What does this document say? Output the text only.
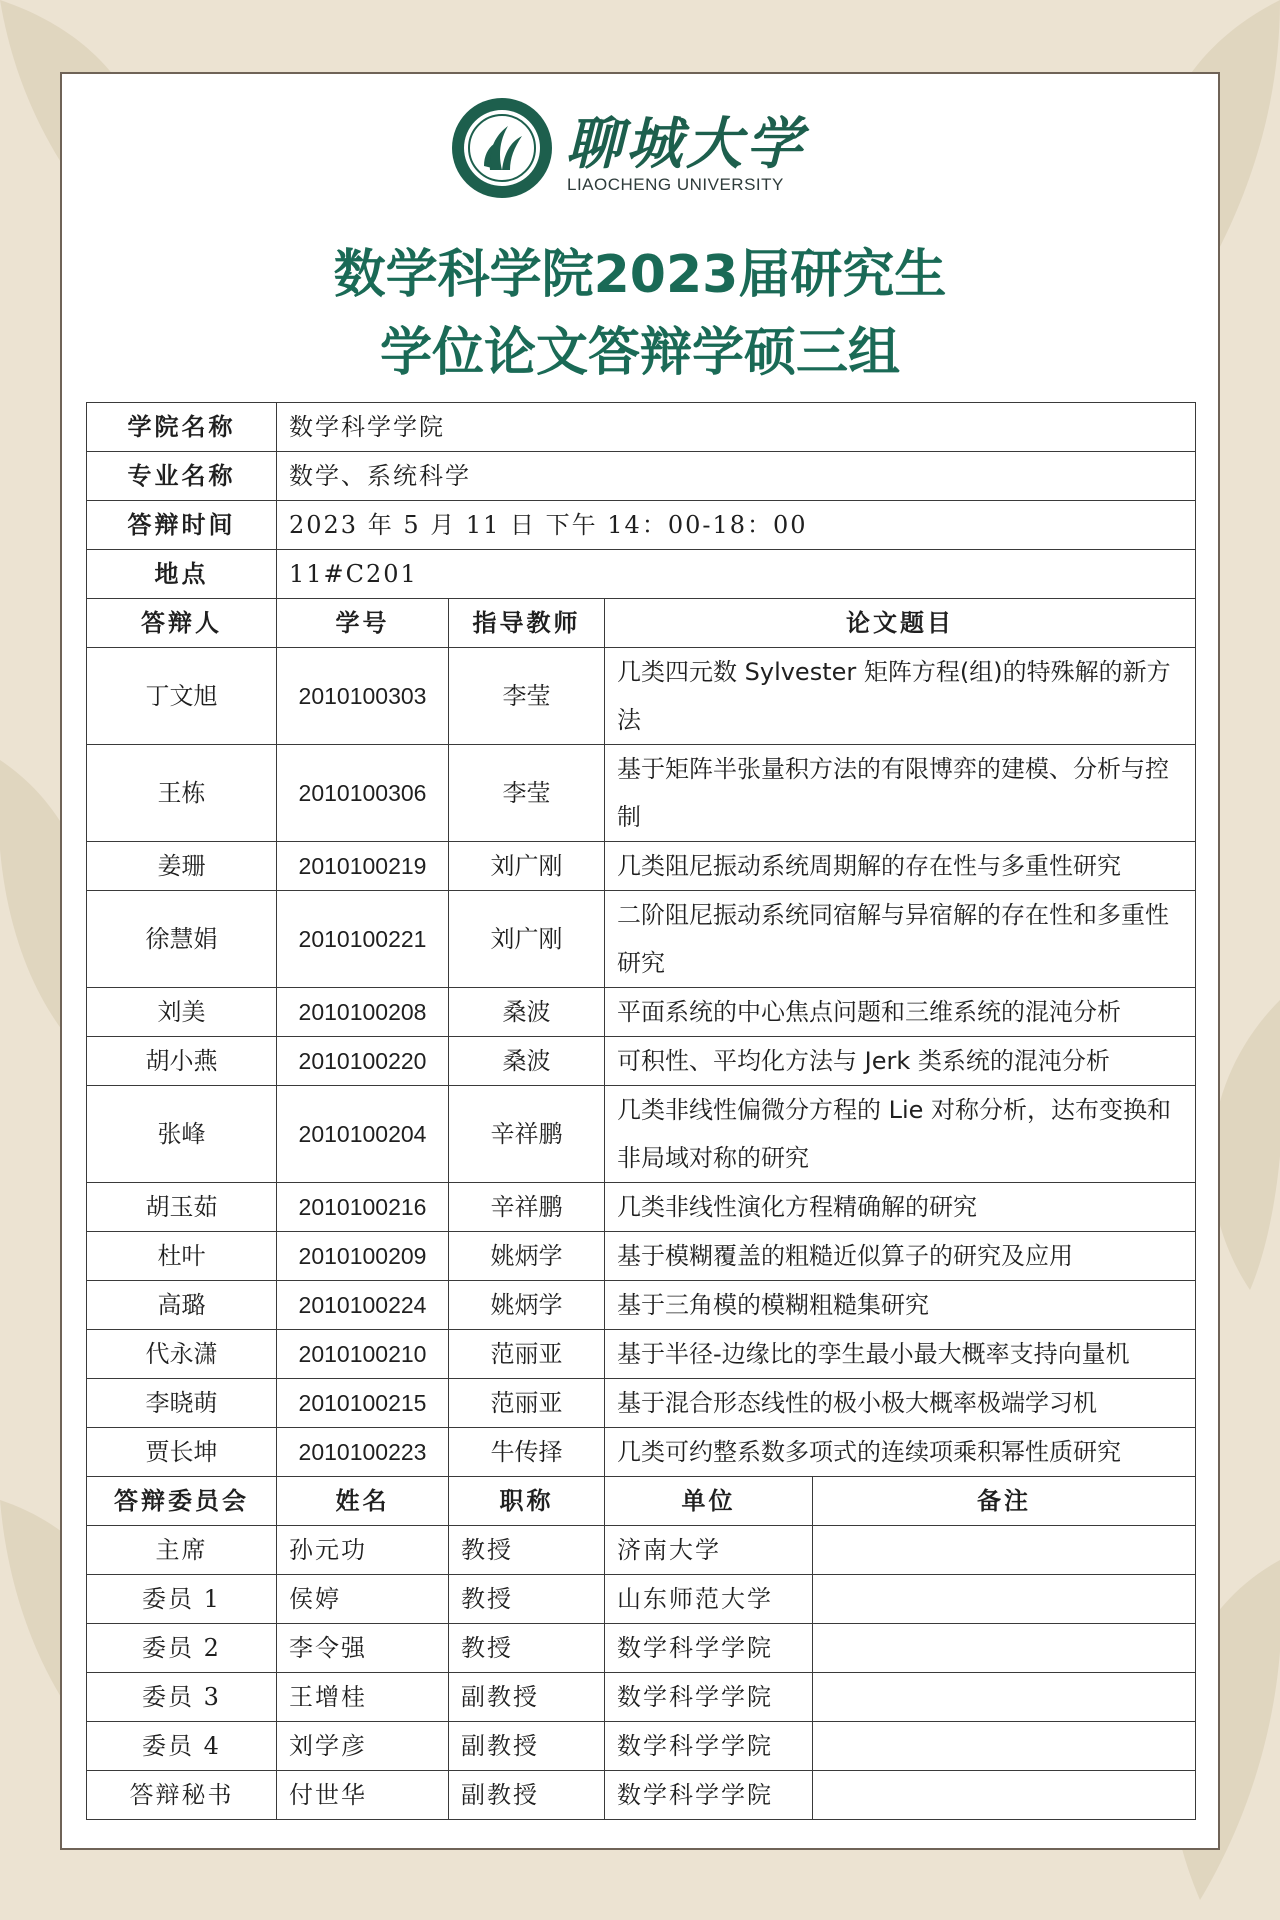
聊城大学
LIAOCHENG UNIVERSITY
数学科学院2023届研究生
学位论文答辩学硕三组
学院名称	数学科学学院			
专业名称	数学、系统科学			
答辩时间	2023 年 5 月 11 日 下午 14：00-18：00			
地点	11#C201			
答辩人	学号	指导教师	论文题目	
丁文旭	2010100303	李莹	几类四元数 Sylvester 矩阵方程(组)的特殊解的新方法	
王栋	2010100306	李莹	基于矩阵半张量积方法的有限博弈的建模、分析与控制	
姜珊	2010100219	刘广刚	几类阻尼振动系统周期解的存在性与多重性研究	
徐慧娟	2010100221	刘广刚	二阶阻尼振动系统同宿解与异宿解的存在性和多重性研究	
刘美	2010100208	桑波	平面系统的中心焦点问题和三维系统的混沌分析	
胡小燕	2010100220	桑波	可积性、平均化方法与 Jerk 类系统的混沌分析	
张峰	2010100204	辛祥鹏	几类非线性偏微分方程的 Lie 对称分析，达布变换和非局域对称的研究	
胡玉茹	2010100216	辛祥鹏	几类非线性演化方程精确解的研究	
杜叶	2010100209	姚炳学	基于模糊覆盖的粗糙近似算子的研究及应用	
高璐	2010100224	姚炳学	基于三角模的模糊粗糙集研究	
代永潇	2010100210	范丽亚	基于半径-边缘比的孪生最小最大概率支持向量机	
李晓萌	2010100215	范丽亚	基于混合形态线性的极小极大概率极端学习机	
贾长坤	2010100223	牛传择	几类可约整系数多项式的连续项乘积幂性质研究	
答辩委员会	姓名	职称	单位	备注
主席	孙元功	教授	济南大学	
委员 1	侯婷	教授	山东师范大学	
委员 2	李令强	教授	数学科学学院	
委员 3	王增桂	副教授	数学科学学院	
委员 4	刘学彦	副教授	数学科学学院	
答辩秘书	付世华	副教授	数学科学学院	
